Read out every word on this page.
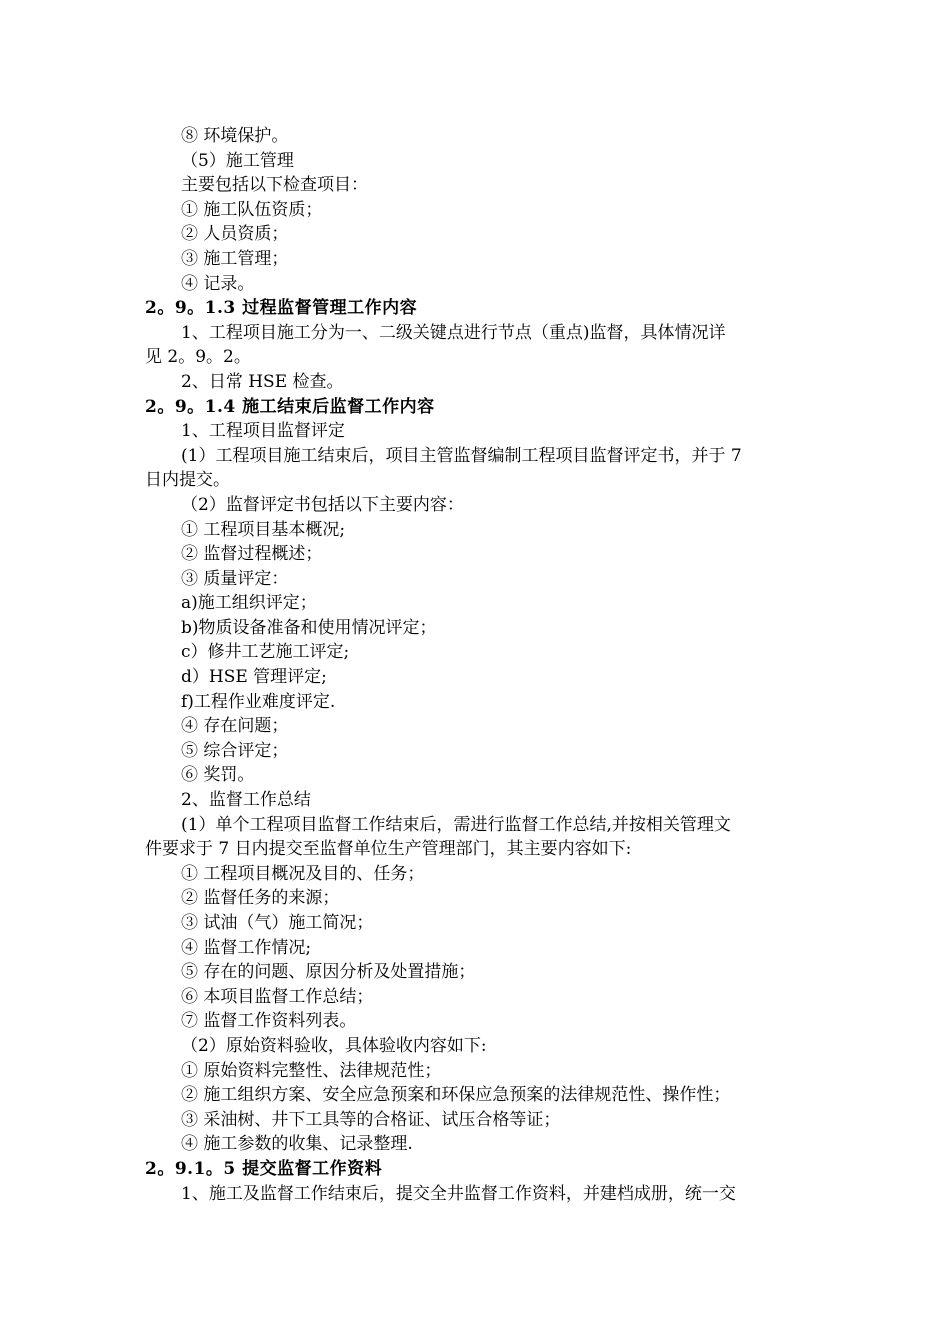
⑧ 环境保护。
（5）施工管理
主要包括以下检查项目：
① 施工队伍资质；
② 人员资质；
③ 施工管理；
④ 记录。
2。9。1.3 过程监督管理工作内容
1、工程项目施工分为一、二级关键点进行节点（重点)监督，具体情况详
见 2。9。2。
2、日常 HSE 检查。
2。9。1.4 施工结束后监督工作内容
1、工程项目监督评定
(1）工程项目施工结束后，项目主管监督编制工程项目监督评定书，并于 7
日内提交。
（2）监督评定书包括以下主要内容：
① 工程项目基本概况;
② 监督过程概述；
③ 质量评定：
a)施工组织评定；
b)物质设备准备和使用情况评定；
c）修井工艺施工评定;
d）HSE 管理评定;
f)工程作业难度评定.
④ 存在问题；
⑤ 综合评定；
⑥ 奖罚。
2、监督工作总结
(1）单个工程项目监督工作结束后，需进行监督工作总结,并按相关管理文
件要求于 7 日内提交至监督单位生产管理部门，其主要内容如下:
① 工程项目概况及目的、任务；
② 监督任务的来源；
③ 试油（气）施工简况；
④ 监督工作情况;
⑤ 存在的问题、原因分析及处置措施；
⑥ 本项目监督工作总结；
⑦ 监督工作资料列表。
（2）原始资料验收，具体验收内容如下:
① 原始资料完整性、法律规范性；
② 施工组织方案、安全应急预案和环保应急预案的法律规范性、操作性；
③ 采油树、井下工具等的合格证、试压合格等证；
④ 施工参数的收集、记录整理.
2。9.1。5 提交监督工作资料
1、施工及监督工作结束后，提交全井监督工作资料，并建档成册，统一交
